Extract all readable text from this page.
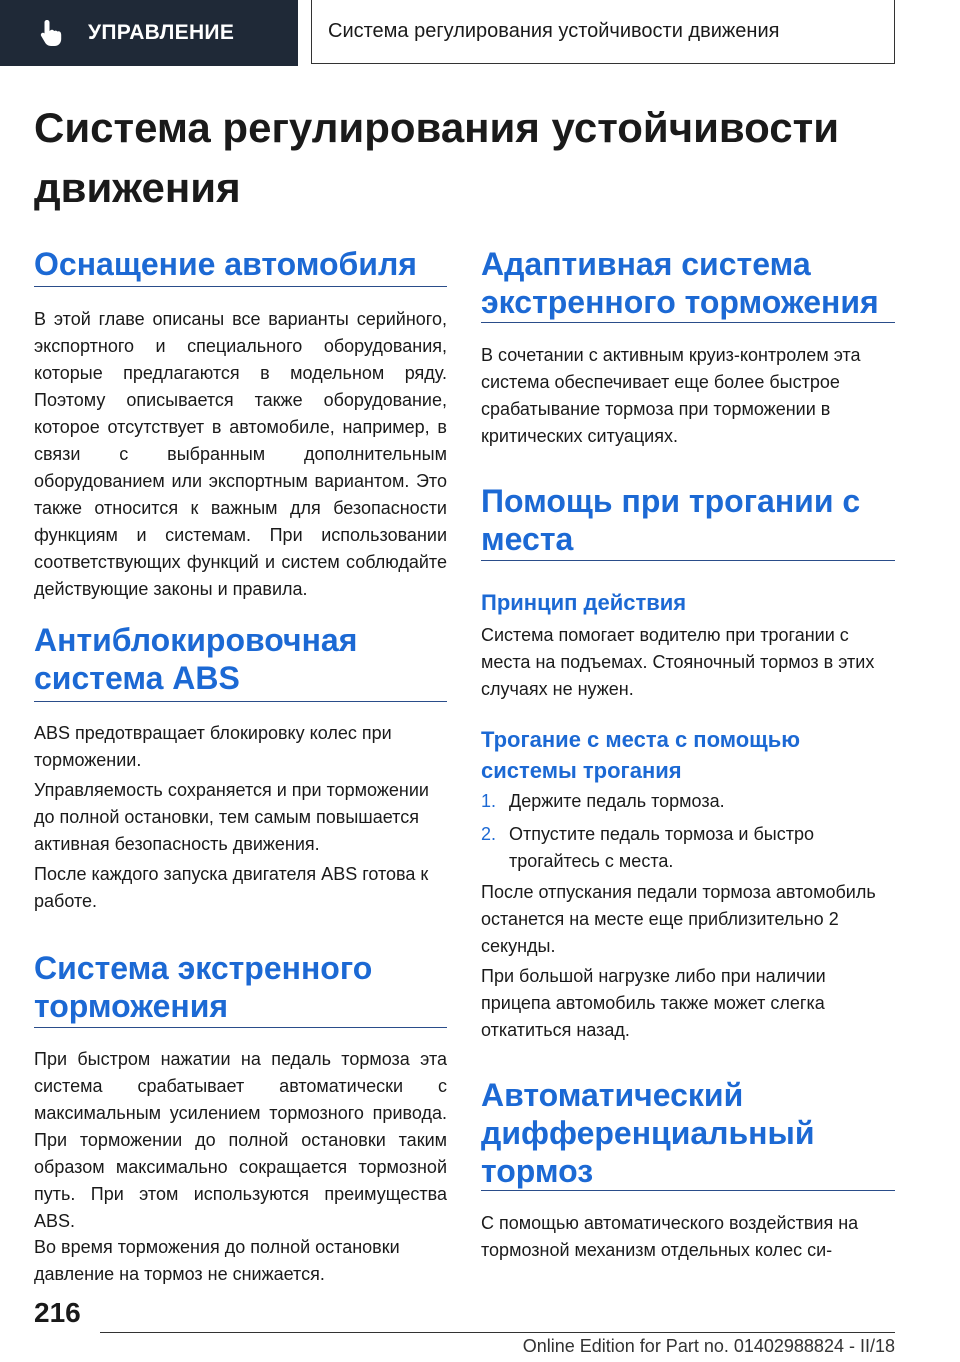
УПРАВЛЕНИЕ	Система регулирования устойчивости движения
Система регулирования устойчивости движения
Оснащение автомобиля

В этой главе описаны все варианты серийного, экспортного и специального оборудования, которые предлагаются в модельном ряду. Поэтому описывается также оборудование, которое отсутствует в автомобиле, например, в связи с выбранным дополнительным оборудованием или экспортным вариантом. Это также относится к важным для безопасности функциям и системам. При использовании соответствующих функций и систем соблюдайте действующие законы и правила.

Антиблокировочная система ABS

ABS предотвращает блокировку колес при торможении.

Управляемость сохраняется и при торможении до полной остановки, тем самым повышается активная безопасность движения.

После каждого запуска двигателя ABS готова к работе.

Система экстренного торможения

При быстром нажатии на педаль тормоза эта система срабатывает автоматически с максимальным усилением тормозного привода. При торможении до полной остановки таким образом максимально сокращается тормозной путь. При этом используются преимущества ABS.

Во время торможения до полной остановки давление на тормоз не снижается.

Адаптивная система экстренного торможения

В сочетании с активным круиз-контролем эта система обеспечивает еще более быстрое срабатывание тормоза при торможении в критических ситуациях.

Помощь при трогании с места
Принцип действия

Система помогает водителю при трогании с места на подъемах. Стояночный тормоз в этих случаях не нужен.

Трогание с места с помощью системы трогания
1. Держите педаль тормоза.
2. Отпустите педаль тормоза и быстро трогайтесь с места.

После отпускания педали тормоза автомобиль останется на месте еще приблизительно 2 секунды.

При большой нагрузке либо при наличии прицепа автомобиль также может слегка откатиться назад.

Автоматический дифференциальный тормоз

С помощью автоматического воздействия на тормозной механизм отдельных колес си-

216
Online Edition for Part no. 01402988824 - II/18
